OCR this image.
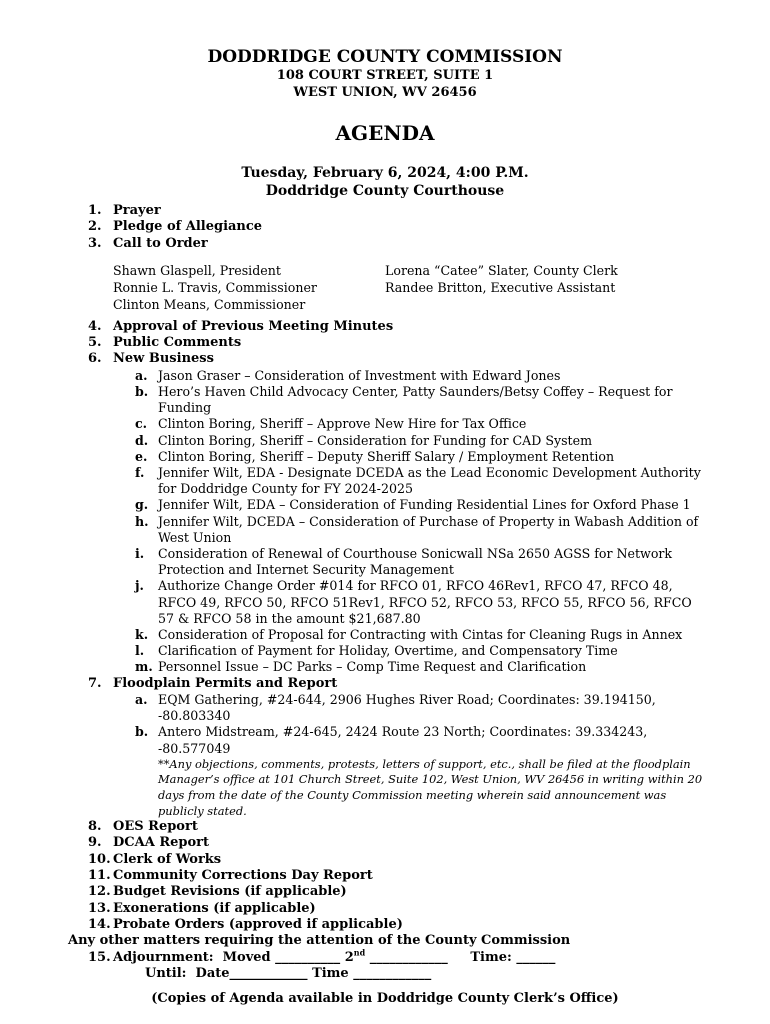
DODDRIDGE COUNTY COMMISSION
108 COURT STREET, SUITE 1
WEST UNION, WV 26456
AGENDA
Tuesday, February 6, 2024, 4:00 P.M.
Doddridge County Courthouse
1. Prayer
2. Pledge of Allegiance
3. Call to Order
Shawn Glaspell, President
Ronnie L. Travis, Commissioner
Clinton Means, Commissioner
Lorena “Catee” Slater, County Clerk
Randee Britton, Executive Assistant
4. Approval of Previous Meeting Minutes
5. Public Comments
6. New Business
a. Jason Graser – Consideration of Investment with Edward Jones
b. Hero’s Haven Child Advocacy Center, Patty Saunders/Betsy Coffey – Request for Funding
c. Clinton Boring, Sheriff – Approve New Hire for Tax Office
d. Clinton Boring, Sheriff – Consideration for Funding for CAD System
e. Clinton Boring, Sheriff – Deputy Sheriff Salary / Employment Retention
f. Jennifer Wilt, EDA - Designate DCEDA as the Lead Economic Development Authority for Doddridge County for FY 2024-2025
g. Jennifer Wilt, EDA – Consideration of Funding Residential Lines for Oxford Phase 1
h. Jennifer Wilt, DCEDA – Consideration of Purchase of Property in Wabash Addition of West Union
i. Consideration of Renewal of Courthouse Sonicwall NSa 2650 AGSS for Network Protection and Internet Security Management
j. Authorize Change Order #014 for RFCO 01, RFCO 46Rev1, RFCO 47, RFCO 48, RFCO 49, RFCO 50, RFCO 51Rev1, RFCO 52, RFCO 53, RFCO 55, RFCO 56, RFCO 57 & RFCO 58 in the amount $21,687.80
k. Consideration of Proposal for Contracting with Cintas for Cleaning Rugs in Annex
l. Clarification of Payment for Holiday, Overtime, and Compensatory Time
m. Personnel Issue – DC Parks – Comp Time Request and Clarification
7. Floodplain Permits and Report
a. EQM Gathering, #24-644, 2906 Hughes River Road; Coordinates: 39.194150, -80.803340
b. Antero Midstream, #24-645, 2424 Route 23 North; Coordinates: 39.334243, -80.577049
**Any objections, comments, protests, letters of support, etc., shall be filed at the floodplain Manager’s office at 101 Church Street, Suite 102, West Union, WV 26456 in writing within 20 days from the date of the County Commission meeting wherein said announcement was publicly stated.
8. OES Report
9. DCAA Report
10. Clerk of Works
11. Community Corrections Day Report
12. Budget Revisions (if applicable)
13. Exonerations (if applicable)
14. Probate Orders (approved if applicable)
Any other matters requiring the attention of the County Commission
15. Adjournment: Moved __________ 2nd ____________ Time: ______
Until: Date____________ Time ____________
(Copies of Agenda available in Doddridge County Clerk’s Office)
